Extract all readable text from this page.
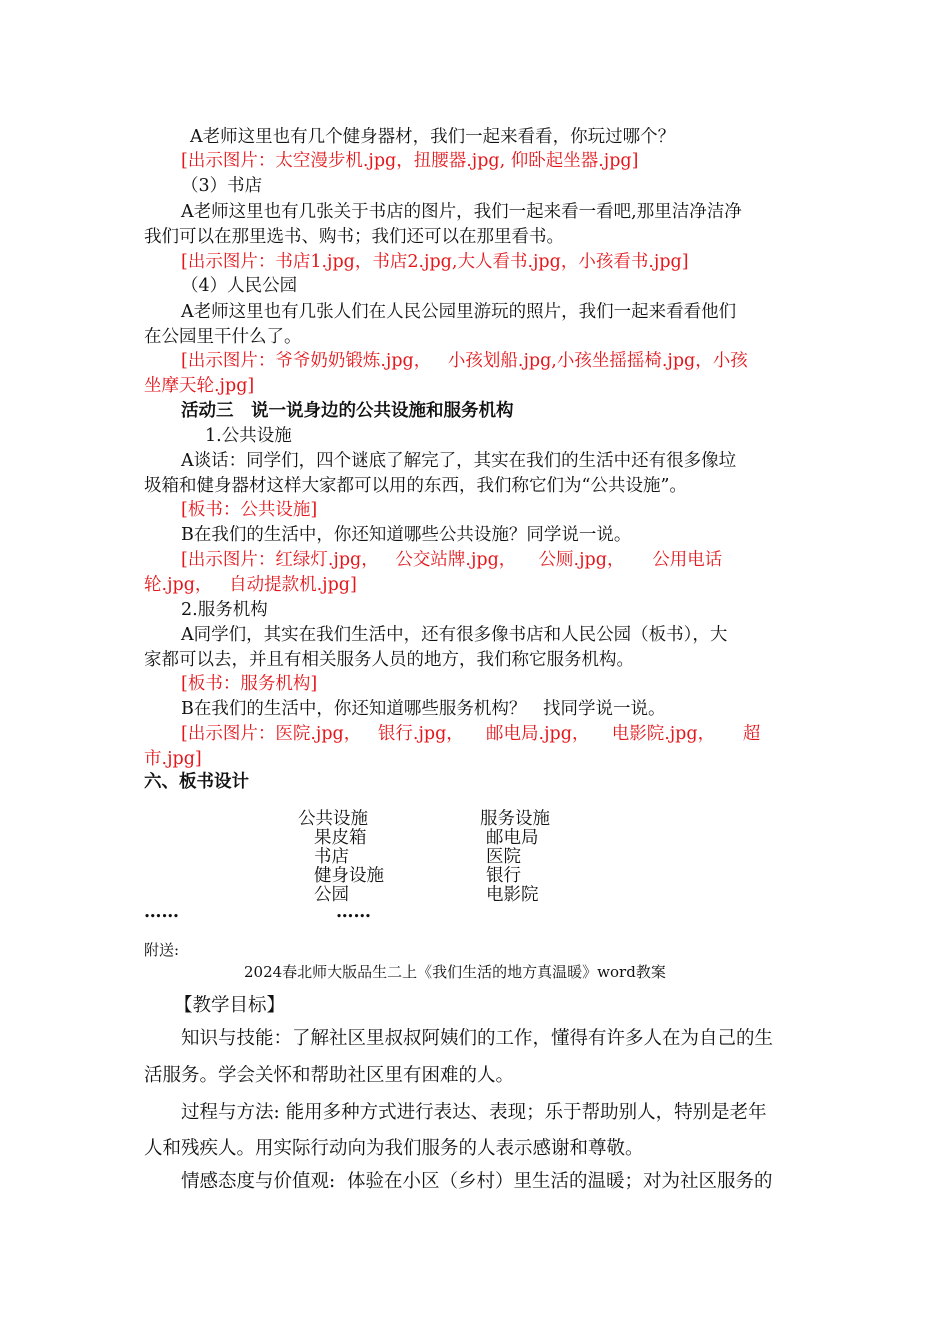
A老师这里也有几个健身器材，我们一起来看看，你玩过哪个？
[出示图片：太空漫步机.jpg，扭腰器.jpg, 仰卧起坐器.jpg]
（3）书店
A老师这里也有几张关于书店的图片，我们一起来看一看吧,那里洁净洁净
我们可以在那里选书、购书；我们还可以在那里看书。
[出示图片：书店1.jpg，书店2.jpg,大人看书.jpg，小孩看书.jpg]
（4）人民公园
A老师这里也有几张人们在人民公园里游玩的照片，我们一起来看看他们
在公园里干什么了。
[出示图片：爷爷奶奶锻炼.jpg，   小孩划船.jpg,小孩坐摇摇椅.jpg，小孩
坐摩天轮.jpg]
活动三　说一说身边的公共设施和服务机构
1.公共设施
A谈话：同学们，四个谜底了解完了，其实在我们的生活中还有很多像垃
圾箱和健身器材这样大家都可以用的东西，我们称它们为“公共设施”。
[板书：公共设施]
B在我们的生活中，你还知道哪些公共设施？同学说一说。
[出示图片：红绿灯.jpg，   公交站牌.jpg，    公厕.jpg，     公用电话
轮.jpg，   自动提款机.jpg]
2.服务机构
A同学们，其实在我们生活中，还有很多像书店和人民公园（板书），大
家都可以去，并且有相关服务人员的地方，我们称它服务机构。
[板书：服务机构]
B在我们的生活中，你还知道哪些服务机构？   找同学说一说。
[出示图片：医院.jpg，   银行.jpg，    邮电局.jpg，    电影院.jpg，     超
市.jpg]
六、板书设计
公共设施
果皮箱
书店
健身设施
公园
……	……
服务设施
邮电局
医院
银行
电影院
附送:
2024春北师大版品生二上《我们生活的地方真温暖》word教案
【教学目标】
知识与技能：了解社区里叔叔阿姨们的工作，懂得有许多人在为自己的生
活服务。学会关怀和帮助社区里有困难的人。
过程与方法: 能用多种方式进行表达、表现；乐于帮助别人，特别是老年
人和残疾人。用实际行动向为我们服务的人表示感谢和尊敬。
情感态度与价值观:  体验在小区（乡村）里生活的温暖；对为社区服务的
